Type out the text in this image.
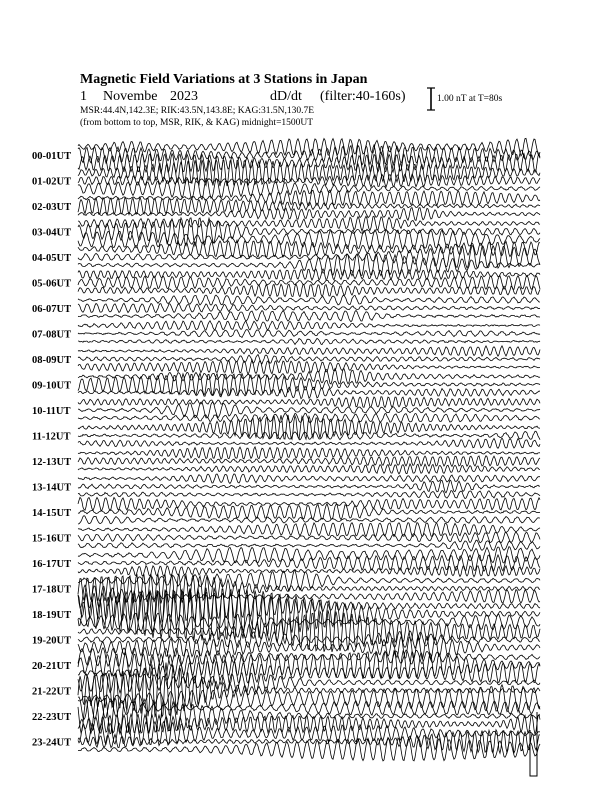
Magnetic Field Variations at 3 Stations in Japan
1 Novembe 2023	dD/dt (filter:40-160s)
MSR:44.4N,142.3E; RIK:43.5N,143.8E; KAG:31.5N,130.7E
(from bottom to top, MSR, RIK, & KAG) midnight=1500UT
1.00 nT at T=80s
00-01UT
01-02UT
02-03UT
03-04UT
04-05UT
05-06UT
06-07UT
07-08UT
08-09UT
09-10UT
10-11UT
11-12UT
12-13UT
13-14UT
14-15UT
15-16UT
16-17UT
17-18UT
18-19UT
19-20UT
20-21UT
21-22UT
22-23UT
23-24UT
